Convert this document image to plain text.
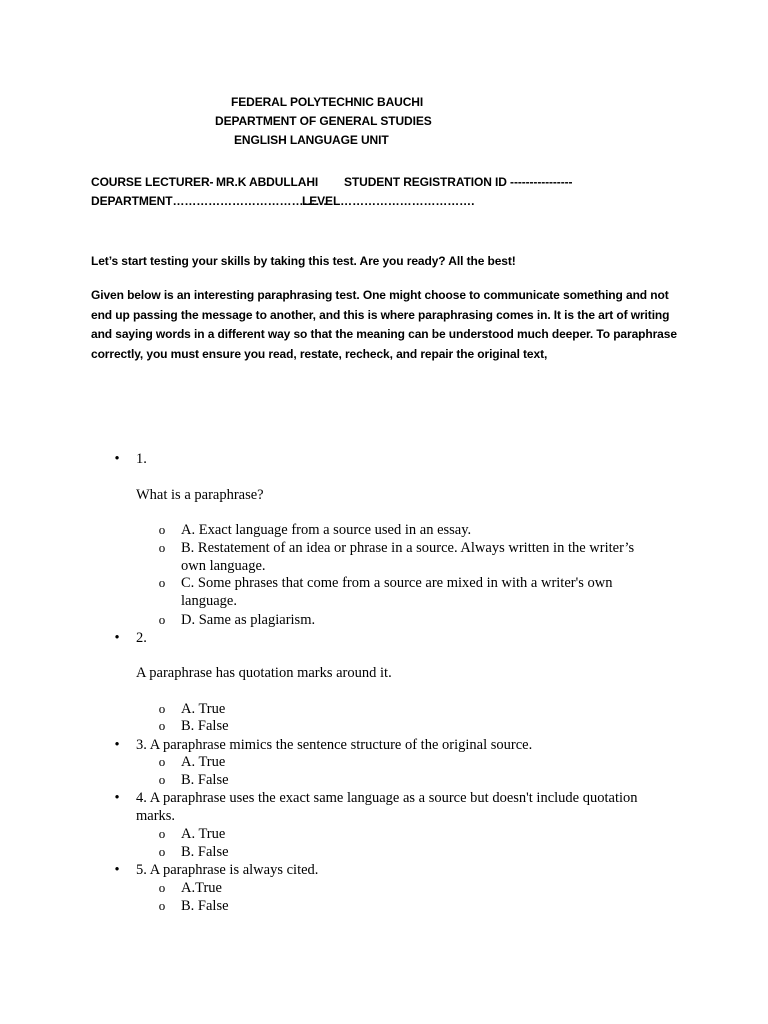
FEDERAL POLYTECHNIC BAUCHI
DEPARTMENT OF GENERAL STUDIES
ENGLISH LANGUAGE UNIT
COURSE LECTURER- MR.K ABDULLAHI STUDENT REGISTRATION ID ----------------
DEPARTMENT…………………………………
LEVEL…………………………….
Let’s start testing your skills by taking this test. Are you ready? All the best!
Given below is an interesting paraphrasing test. One might choose to communicate something and not end up passing the message to another, and this is where paraphrasing comes in. It is the art of writing and saying words in a different way so that the meaning can be understood much deeper. To paraphrase correctly, you must ensure you read, restate, recheck, and repair the original text,
• 1.
What is a paraphrase?
o A. Exact language from a source used in an essay.
o B. Restatement of an idea or phrase in a source. Always written in the writer’s own language.
o C. Some phrases that come from a source are mixed in with a writer's own language.
o D. Same as plagiarism.
• 2.
A paraphrase has quotation marks around it.
o A. True
o B. False
• 3. A paraphrase mimics the sentence structure of the original source.
o A. True
o B. False
• 4. A paraphrase uses the exact same language as a source but doesn't include quotation marks.
o A. True
o B. False
• 5. A paraphrase is always cited.
o A.True
o B. False
